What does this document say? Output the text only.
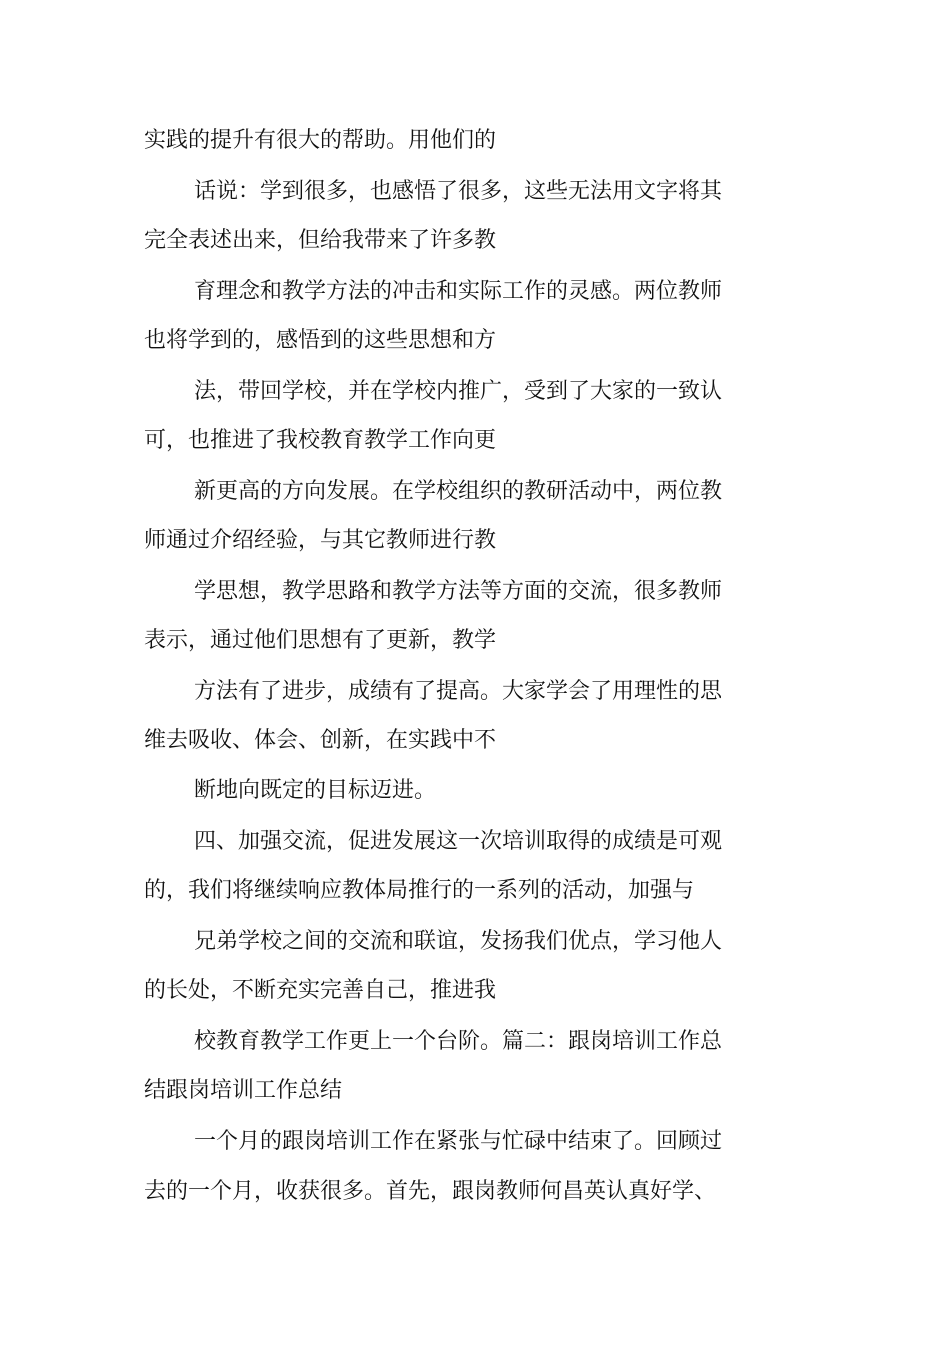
实践的提升有很大的帮助。用他们的
话说：学到很多，也感悟了很多，这些无法用文字将其
完全表述出来，但给我带来了许多教
育理念和教学方法的冲击和实际工作的灵感。两位教师
也将学到的，感悟到的这些思想和方
法，带回学校，并在学校内推广，受到了大家的一致认
可，也推进了我校教育教学工作向更
新更高的方向发展。在学校组织的教研活动中，两位教
师通过介绍经验，与其它教师进行教
学思想，教学思路和教学方法等方面的交流，很多教师
表示，通过他们思想有了更新，教学
方法有了进步，成绩有了提高。大家学会了用理性的思
维去吸收、体会、创新，在实践中不
断地向既定的目标迈进。
四、加强交流，促进发展这一次培训取得的成绩是可观
的，我们将继续响应教体局推行的一系列的活动，加强与
兄弟学校之间的交流和联谊，发扬我们优点，学习他人
的长处，不断充实完善自己，推进我
校教育教学工作更上一个台阶。篇二：跟岗培训工作总
结跟岗培训工作总结
一个月的跟岗培训工作在紧张与忙碌中结束了。回顾过
去的一个月，收获很多。首先，跟岗教师何昌英认真好学、
